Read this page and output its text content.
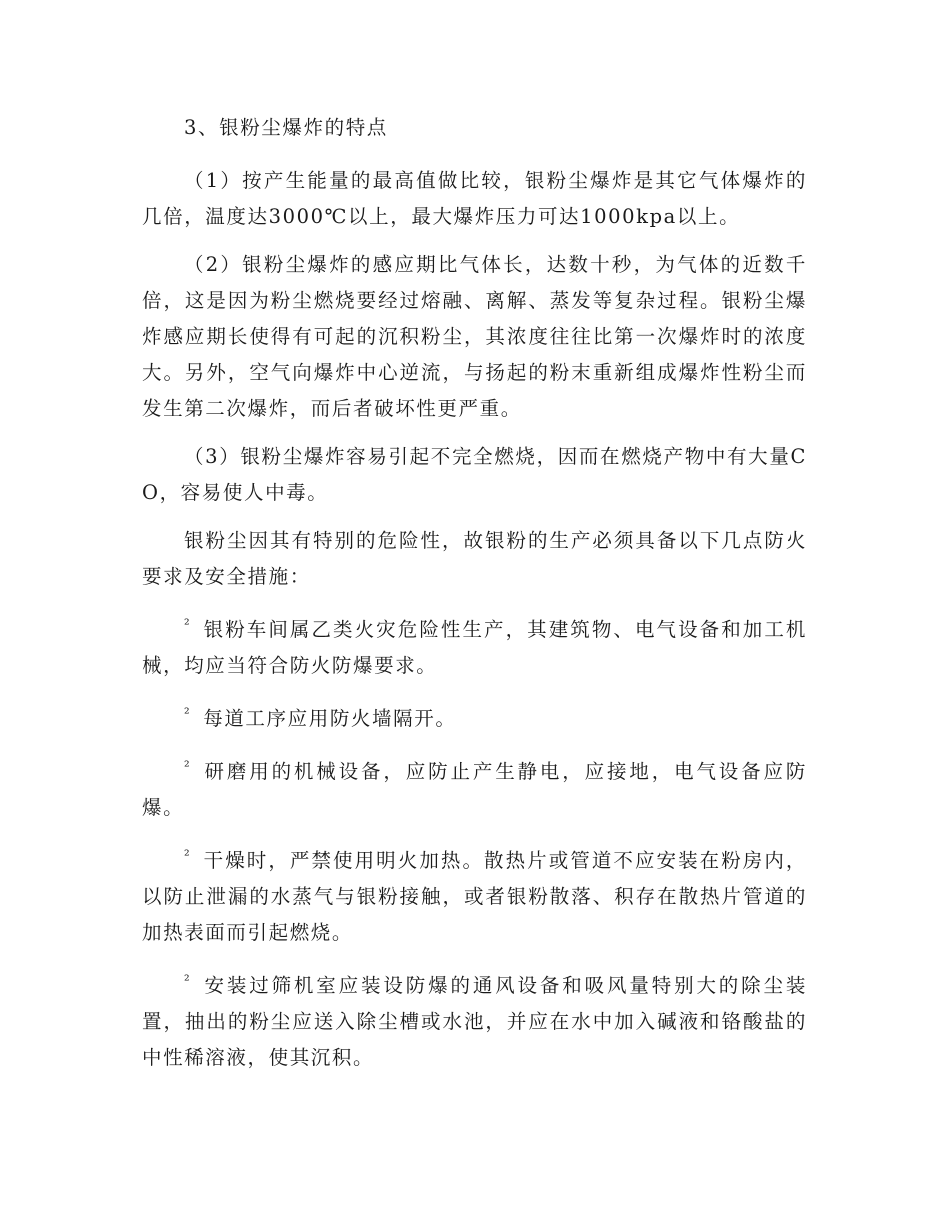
3、银粉尘爆炸的特点

（1）按产生能量的最高值做比较，银粉尘爆炸是其它气体爆炸的几倍，温度达3000℃以上，最大爆炸压力可达1000kpa以上。

（2）银粉尘爆炸的感应期比气体长，达数十秒，为气体的近数千倍，这是因为粉尘燃烧要经过熔融、离解、蒸发等复杂过程。银粉尘爆炸感应期长使得有可起的沉积粉尘，其浓度往往比第一次爆炸时的浓度大。另外，空气向爆炸中心逆流，与扬起的粉末重新组成爆炸性粉尘而发生第二次爆炸，而后者破坏性更严重。

（3）银粉尘爆炸容易引起不完全燃烧，因而在燃烧产物中有大量CO，容易使人中毒。

银粉尘因其有特别的危险性，故银粉的生产必须具备以下几点防火要求及安全措施：

² 银粉车间属乙类火灾危险性生产，其建筑物、电气设备和加工机械，均应当符合防火防爆要求。

² 每道工序应用防火墙隔开。

² 研磨用的机械设备，应防止产生静电，应接地，电气设备应防爆。

² 干燥时，严禁使用明火加热。散热片或管道不应安装在粉房内，以防止泄漏的水蒸气与银粉接触，或者银粉散落、积存在散热片管道的加热表面而引起燃烧。

² 安装过筛机室应装设防爆的通风设备和吸风量特别大的除尘装置，抽出的粉尘应送入除尘槽或水池，并应在水中加入碱液和铬酸盐的中性稀溶液，使其沉积。
